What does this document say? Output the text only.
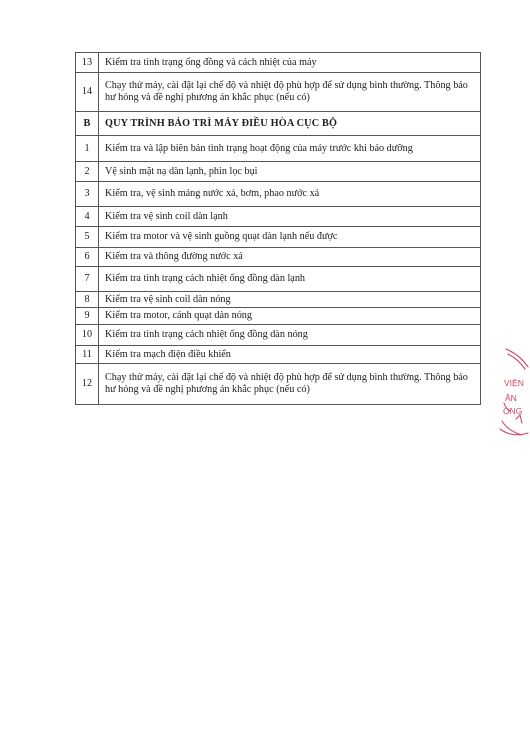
13	Kiểm tra tình trạng ống đồng và cách nhiệt của máy
14	Chạy thử máy, cài đặt lại chế độ và nhiệt độ phù hợp để sử dụng bình thường. Thông báo hư hỏng và đề nghị phương án khắc phục (nếu có)
B	QUY TRÌNH BẢO TRÌ MÁY ĐIỀU HÒA CỤC BỘ
1	Kiểm tra và lập biên bản tình trạng hoạt động của máy trước khi bảo dưỡng
2	Vệ sinh mặt nạ dàn lạnh, phin lọc bụi
3	Kiểm tra, vệ sinh máng nước xả, bơm, phao nước xả
4	Kiểm tra vệ sinh coil dàn lạnh
5	Kiểm tra motor và vệ sinh guồng quạt dàn lạnh nếu được
6	Kiểm tra và thông đường nước xả
7	Kiểm tra tình trạng cách nhiệt ống đồng dàn lạnh
8	Kiểm tra vệ sinh coil dàn nóng
9	Kiểm tra motor, cánh quạt dàn nóng
10	Kiểm tra tình trạng cách nhiệt ống đồng dàn nóng
11	Kiểm tra mạch điện điều khiển
12	Chạy thử máy, cài đặt lại chế độ và nhiệt độ phù hợp để sử dụng bình thường. Thông báo hư hỏng và đề nghị phương án khắc phục (nếu có)
VIỆN
ÂN
ỌNG
